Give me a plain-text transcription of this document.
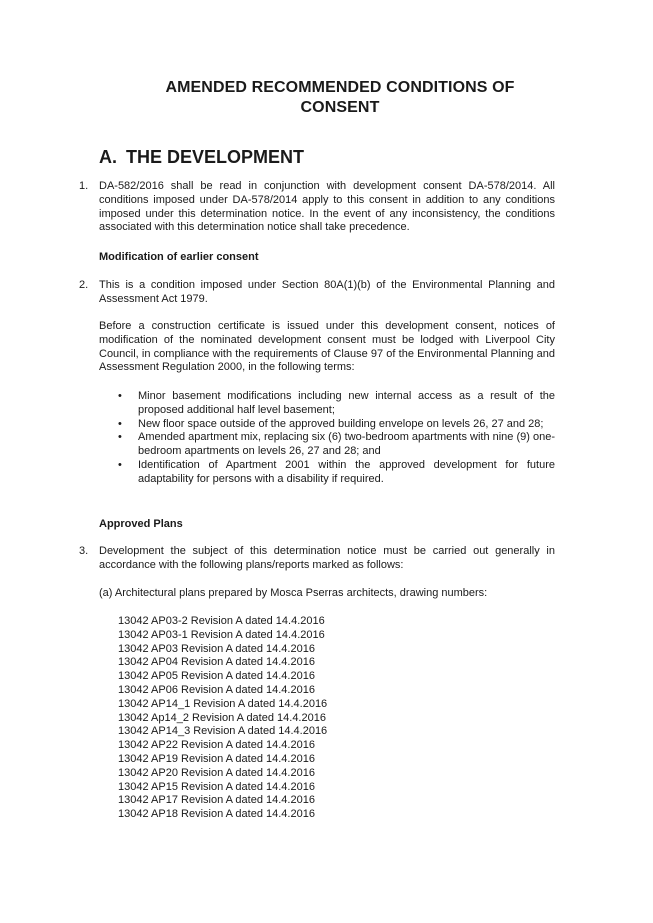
AMENDED RECOMMENDED CONDITIONS OF
CONSENT
A. THE DEVELOPMENT
1. DA-582/2016 shall be read in conjunction with development consent DA-578/2014. All conditions imposed under DA-578/2014 apply to this consent in addition to any conditions imposed under this determination notice. In the event of any inconsistency, the conditions associated with this determination notice shall take precedence.

Modification of earlier consent

2. This is a condition imposed under Section 80A(1)(b) of the Environmental Planning and Assessment Act 1979.

Before a construction certificate is issued under this development consent, notices of modification of the nominated development consent must be lodged with Liverpool City Council, in compliance with the requirements of Clause 97 of the Environmental Planning and Assessment Regulation 2000, in the following terms:

• Minor basement modifications including new internal access as a result of the proposed additional half level basement;
• New floor space outside of the approved building envelope on levels 26, 27 and 28;
• Amended apartment mix, replacing six (6) two-bedroom apartments with nine (9) one-bedroom apartments on levels 26, 27 and 28; and
• Identification of Apartment 2001 within the approved development for future adaptability for persons with a disability if required.

Approved Plans

3. Development the subject of this determination notice must be carried out generally in accordance with the following plans/reports marked as follows:

(a) Architectural plans prepared by Mosca Pserras architects, drawing numbers:

13042 AP03-2 Revision A dated 14.4.2016
13042 AP03-1 Revision A dated 14.4.2016
13042 AP03 Revision A dated 14.4.2016
13042 AP04 Revision A dated 14.4.2016
13042 AP05 Revision A dated 14.4.2016
13042 AP06 Revision A dated 14.4.2016
13042 AP14_1 Revision A dated 14.4.2016
13042 Ap14_2 Revision A dated 14.4.2016
13042 AP14_3 Revision A dated 14.4.2016
13042 AP22 Revision A dated 14.4.2016
13042 AP19 Revision A dated 14.4.2016
13042 AP20 Revision A dated 14.4.2016
13042 AP15 Revision A dated 14.4.2016
13042 AP17 Revision A dated 14.4.2016
13042 AP18 Revision A dated 14.4.2016
